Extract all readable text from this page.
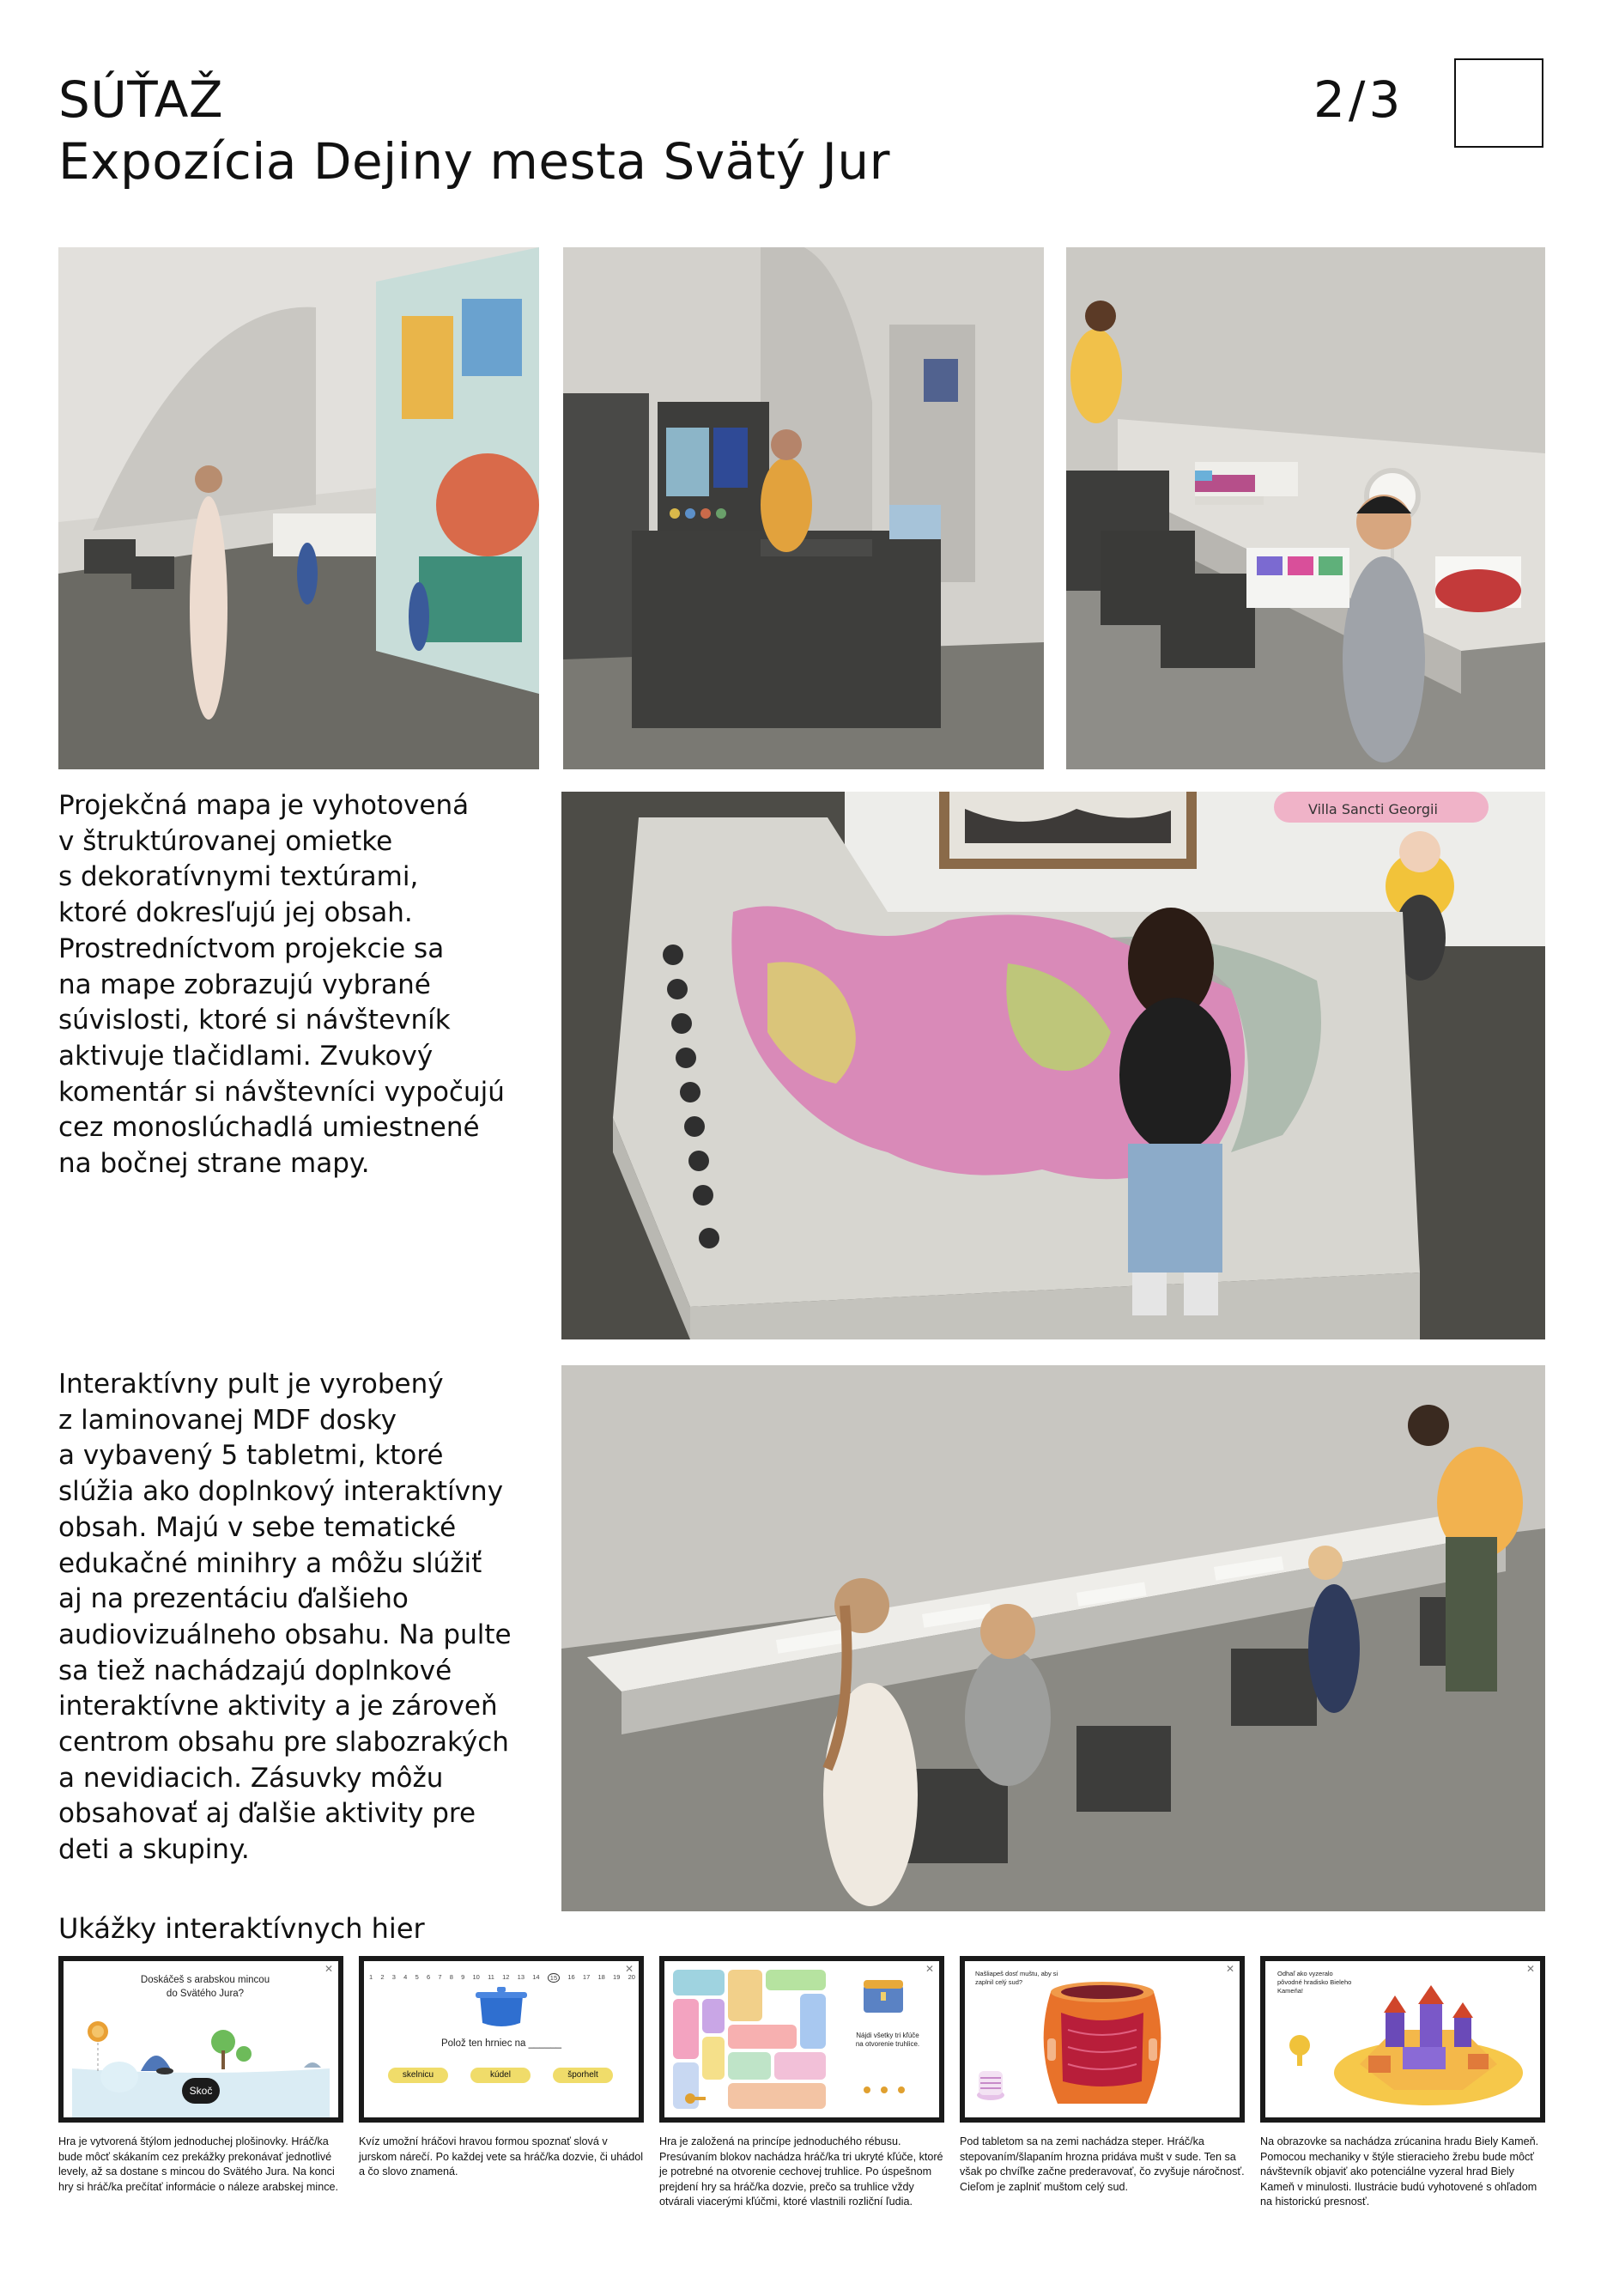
SÚŤAŽ
Expozícia Dejiny mesta Svätý Jur
2/3
Projekčná mapa je vyhotovená
v štruktúrovanej omietke
s dekoratívnymi textúrami,
ktoré dokresľujú jej obsah.
Prostredníctvom projekcie sa
na mape zobrazujú vybrané
súvislosti, ktoré si návštevník
aktivuje tlačidlami. Zvukový
komentár si návštevníci vypočujú
cez monoslúchadlá umiestnené
na bočnej strane mapy.
Villa Sancti Georgii
Interaktívny pult je vyrobený
z laminovanej MDF dosky
a vybavený 5 tabletmi, ktoré
slúžia ako doplnkový interaktívny
obsah. Majú v sebe tematické
edukačné minihry a môžu slúžiť
aj na prezentáciu ďalšieho
audiovizuálneho obsahu. Na pulte
sa tiež nachádzajú doplnkové
interaktívne aktivity a je zároveň
centrom obsahu pre slabozrakých
a nevidiacich. Zásuvky môžu
obsahovať aj ďalšie aktivity pre
deti a skupiny.
Ukážky interaktívnych hier
✕
Doskáčeš s arabskou mincou
do Svätého Jura?
Skoč
✕
1 2 3 4 5 6 7 8 9 10 11 12 13 14	15	16 17 18 19 20
Polož ten hrniec na ______
skelnicu	kúdel	šporhelt
✕
Nájdi všetky tri kľúče na otvorenie truhlice.
✕
Našliapeš dosť muštu, aby si zaplnil celý sud?
✕
Odhaľ ako vyzeralo pôvodné hradisko Bieleho Kameňa!
Hra je vytvorená štýlom jednoduchej plošinovky. Hráč/ka bude môcť skákaním cez prekážky prekonávať jednotlivé levely, až sa dostane s mincou do Svätého Jura. Na konci hry si hráč/ka prečítať informácie o náleze arabskej mince.
Kvíz umožní hráčovi hravou formou spoznať slová v jurskom nárečí. Po každej vete sa hráč/ka dozvie, či uhádol a čo slovo znamená.
Hra je založená na princípe jednoduchého rébusu. Presúvaním blokov nachádza hráč/ka tri ukryté kľúče, ktoré je potrebné na otvorenie cechovej truhlice. Po úspešnom prejdení hry sa hráč/ka dozvie, prečo sa truhlice vždy otvárali viacerými kľúčmi, ktoré vlastnili rozliční ľudia.
Pod tabletom sa na zemi nachádza steper. Hráč/ka stepovaním/šlapaním hrozna pridáva mušt v sude. Ten sa však po chvíľke začne prederavovať, čo zvyšuje náročnosť. Cieľom je zaplniť muštom celý sud.
Na obrazovke sa nachádza zrúcanina hradu Biely Kameň. Pomocou mechaniky v štýle stieracieho žrebu bude môcť návštevník objaviť ako potenciálne vyzeral hrad Biely Kameň v minulosti. Ilustrácie budú vyhotovené s ohľadom na historickú presnosť.
